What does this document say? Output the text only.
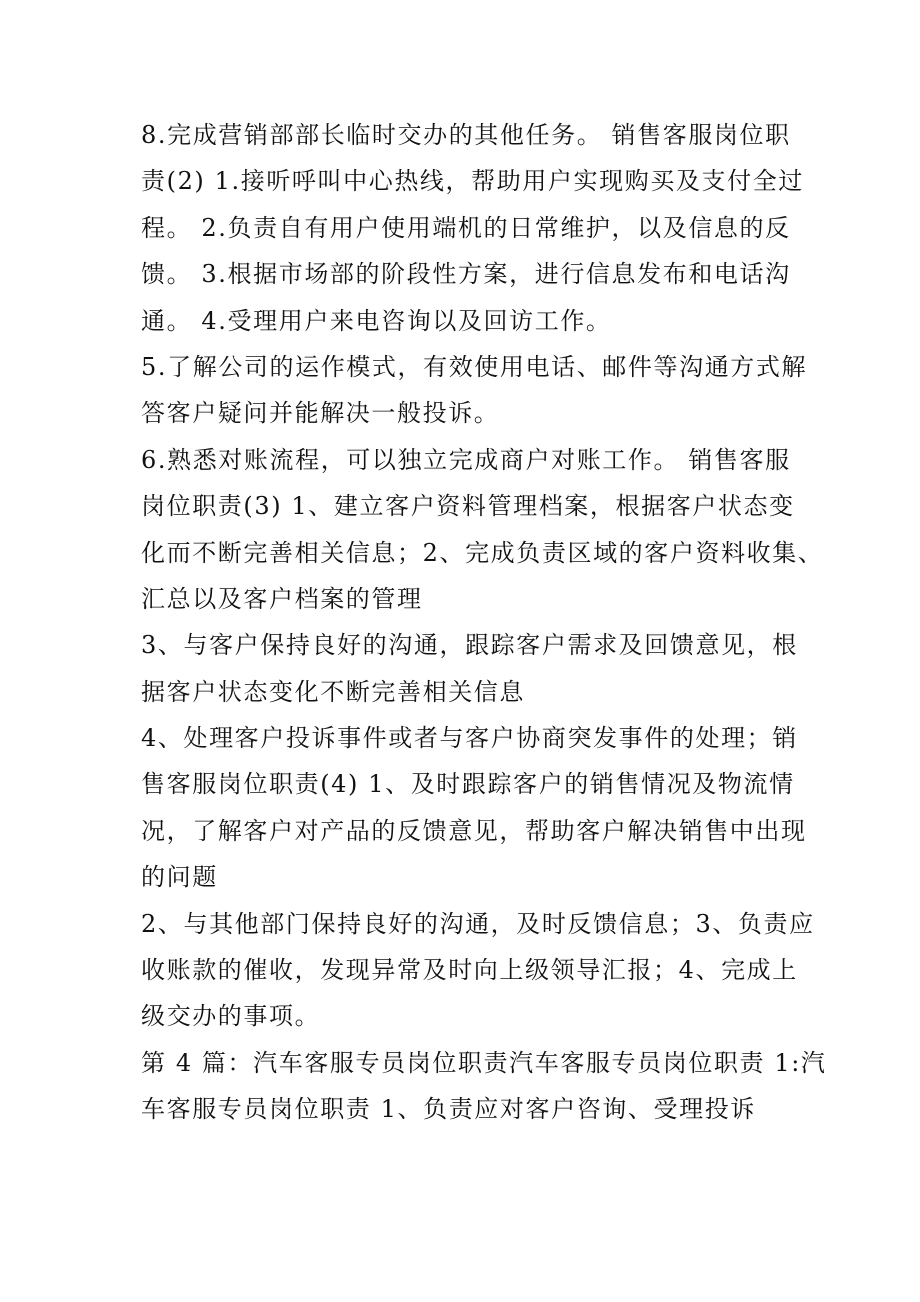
8.完成营销部部长临时交办的其他任务。 销售客服岗位职
责(2) 1.接听呼叫中心热线，帮助用户实现购买及支付全过
程。 2.负责自有用户使用端机的日常维护，以及信息的反
馈。 3.根据市场部的阶段性方案，进行信息发布和电话沟
通。 4.受理用户来电咨询以及回访工作。
5.了解公司的运作模式，有效使用电话、邮件等沟通方式解
答客户疑问并能解决一般投诉。
6.熟悉对账流程，可以独立完成商户对账工作。 销售客服
岗位职责(3) 1、建立客户资料管理档案，根据客户状态变
化而不断完善相关信息；2、完成负责区域的客户资料收集、
汇总以及客户档案的管理
3、与客户保持良好的沟通，跟踪客户需求及回馈意见，根
据客户状态变化不断完善相关信息
4、处理客户投诉事件或者与客户协商突发事件的处理；销
售客服岗位职责(4) 1、及时跟踪客户的销售情况及物流情
况，了解客户对产品的反馈意见，帮助客户解决销售中出现
的问题
2、与其他部门保持良好的沟通，及时反馈信息；3、负责应
收账款的催收，发现异常及时向上级领导汇报；4、完成上
级交办的事项。
第 4 篇：汽车客服专员岗位职责汽车客服专员岗位职责 1:汽
车客服专员岗位职责 1、负责应对客户咨询、受理投诉
